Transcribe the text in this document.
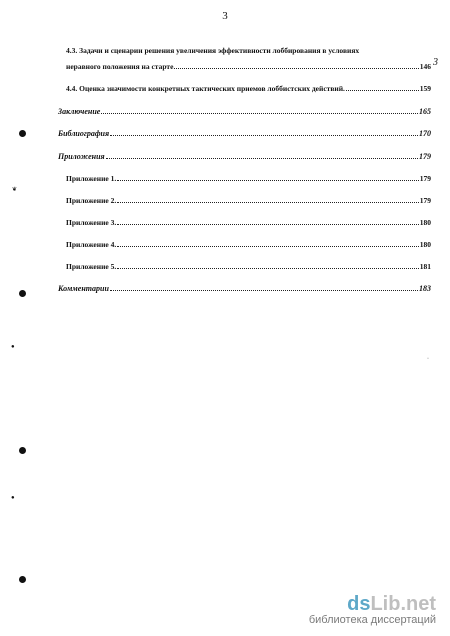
3
4.3. Задачи и сценарии решения увеличения эффективности лоббирования в условиях
неравного положения на старте	146 3
4.4. Оценка значимости конкретных тактических приемов лоббистских действий.	159
Заключение	165
Библиография	170
Приложения	179
Приложение 1.	179
Приложение 2.	179
Приложение 3.	180
Приложение 4.	180
Приложение 5.	181
Комментарии	183
❦
●
●
·
dsLib.net
библиотека диссертаций
